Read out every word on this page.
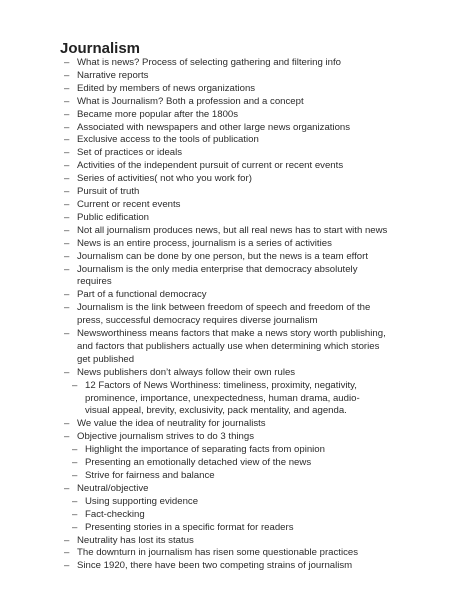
Journalism
– What is news? Process of selecting gathering and filtering info
– Narrative reports
– Edited by members of news organizations
– What is Journalism? Both a profession and a concept
– Became more popular after the 1800s
– Associated with newspapers and other large news organizations
– Exclusive access to the tools of publication
– Set of practices or ideals
– Activities of the independent pursuit of current or recent events
– Series of activities( not who you work for)
– Pursuit of truth
– Current or recent events
– Public edification
– Not all journalism produces news, but all real news has to start with news
– News is an entire process, journalism is a series of activities
– Journalism can be done by one person, but the news is a team effort
– Journalism is the only media enterprise that democracy absolutely
requires
– Part of a functional democracy
– Journalism is the link between freedom of speech and freedom of the
press, successful democracy requires diverse journalism
– Newsworthiness means factors that make a news story worth publishing,
and factors that publishers actually use when determining which stories
get published
– News publishers don’t always follow their own rules
– 12 Factors of News Worthiness: timeliness, proximity, negativity,
prominence, importance, unexpectedness, human drama, audio-
visual appeal, brevity, exclusivity, pack mentality, and agenda.
– We value the idea of neutrality for journalists
– Objective journalism strives to do 3 things
– Highlight the importance of separating facts from opinion
– Presenting an emotionally detached view of the news
– Strive for fairness and balance
– Neutral/objective
– Using supporting evidence
– Fact-checking
– Presenting stories in a specific format for readers
– Neutrality has lost its status
– The downturn in journalism has risen some questionable practices
– Since 1920, there have been two competing strains of journalism
